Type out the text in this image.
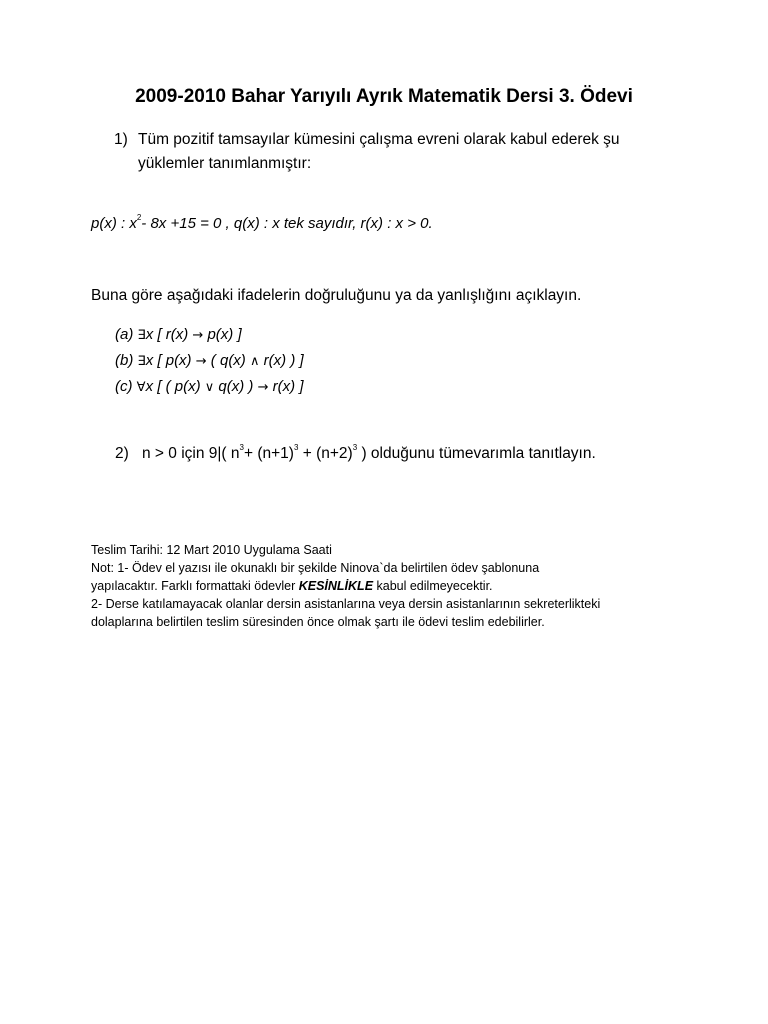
2009-2010 Bahar Yarıyılı Ayrık Matematik Dersi 3. Ödevi
1) Tüm pozitif tamsayılar kümesini çalışma evreni olarak kabul ederek şu
yüklemler tanımlanmıştır:
p(x) : $x^2-$ 8x +15 = 0 , q(x) : x tek sayıdır, r(x) : x > 0.
Buna göre aşağıdaki ifadelerin doğruluğunu ya da yanlışlığını açıklayın.
(a) ∃x [ r(x) → p(x) ]
(b) ∃x [ p(x) → ( q(x) ∧ r(x) ) ]
(c) ∀x [ ( p(x) ∨ q(x) ) → r(x) ]
2) n > 0 için 9|( $n^3+ (n+1)^3 + (n+2)^3$ ) olduğunu tümevarımla tanıtlayın.
Teslim Tarihi: 12 Mart 2010 Uygulama Saati
Not: 1- Ödev el yazısı ile okunaklı bir şekilde Ninova`da belirtilen ödev şablonuna
yapılacaktır. Farklı formattaki ödevler KESİNLİKLE kabul edilmeyecektir.
2- Derse katılamayacak olanlar dersin asistanlarına veya dersin asistanlarının sekreterlikteki
dolaplarına belirtilen teslim süresinden önce olmak şartı ile ödevi teslim edebilirler.
